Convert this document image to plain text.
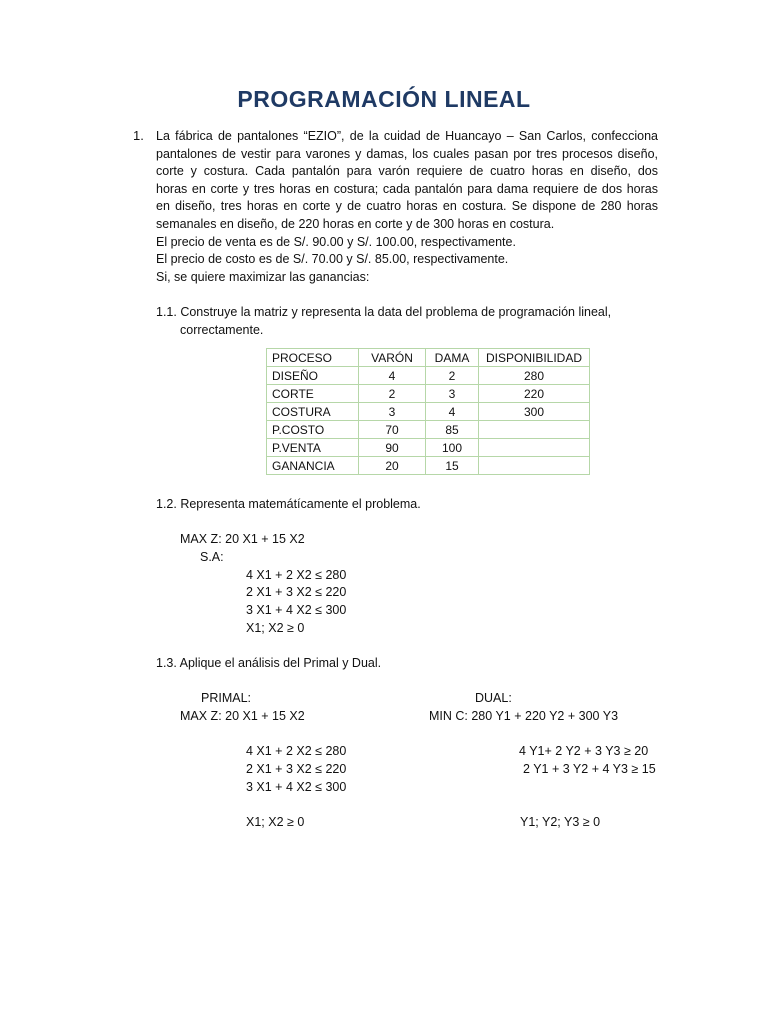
PROGRAMACIÓN LINEAL
1. La fábrica de pantalones “EZIO”, de la cuidad de Huancayo – San Carlos, confecciona
pantalones de vestir para varones y damas, los cuales pasan por tres procesos diseño,
corte y costura. Cada pantalón para varón requiere de cuatro horas en diseño, dos
horas en corte y tres horas en costura; cada pantalón para dama requiere de dos horas
en diseño, tres horas en corte y de cuatro horas en costura. Se dispone de 280 horas
semanales en diseño, de 220 horas en corte y de 300 horas en costura.
El precio de venta es de S/. 90.00 y S/. 100.00, respectivamente.
El precio de costo es de S/. 70.00 y S/. 85.00, respectivamente.
Si, se quiere maximizar las ganancias:
1.1. Construye la matriz y representa la data del problema de programación lineal,
correctamente.
PROCESO	VARÓN	DAMA	DISPONIBILIDAD
DISEÑO	4	2	280
CORTE	2	3	220
COSTURA	3	4	300
P.COSTO	70	85	
P.VENTA	90	100	
GANANCIA	20	15	
1.2. Representa matemátícamente el problema.
MAX Z: 20 X1 + 15 X2
S.A:
4 X1 + 2 X2 ≤ 280
2 X1 + 3 X2 ≤ 220
3 X1 + 4 X2 ≤ 300
X1; X2 ≥ 0
1.3. Aplique el análisis del Primal y Dual.
PRIMAL:	DUAL:
MAX Z: 20 X1 + 15 X2	MIN C: 280 Y1 + 220 Y2 + 300 Y3
4 X1 + 2 X2 ≤ 280	4 Y1+ 2 Y2 + 3 Y3 ≥ 20
2 X1 + 3 X2 ≤ 220	2 Y1 + 3 Y2 + 4 Y3 ≥ 15
3 X1 + 4 X2 ≤ 300
X1; X2 ≥ 0	Y1; Y2; Y3 ≥ 0
